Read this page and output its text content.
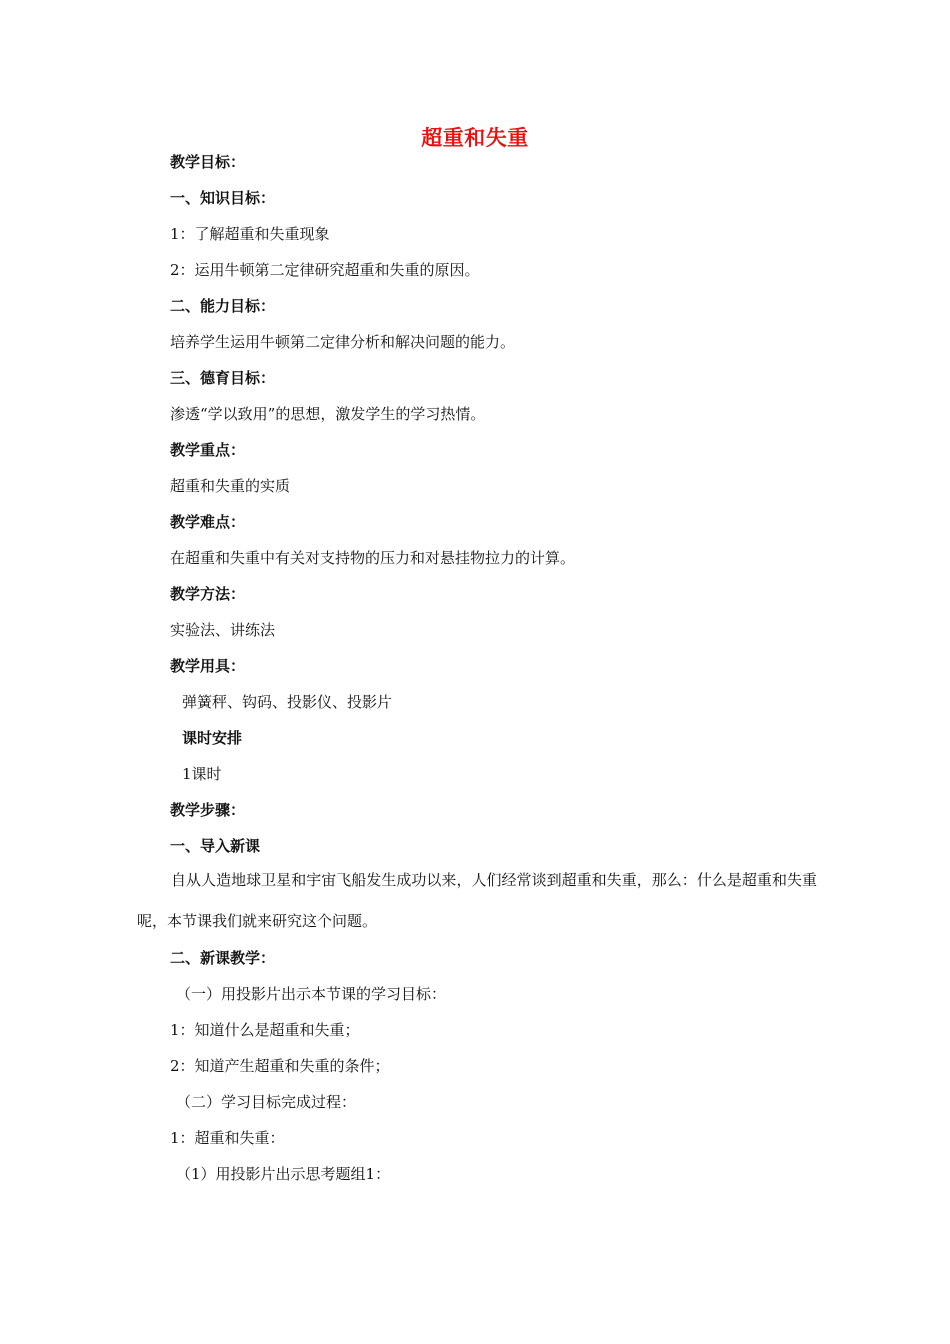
超重和失重
教学目标：
一、知识目标：
1：了解超重和失重现象
2：运用牛顿第二定律研究超重和失重的原因。
二、能力目标：
培养学生运用牛顿第二定律分析和解决问题的能力。
三、德育目标：
渗透“学以致用”的思想，激发学生的学习热情。
教学重点：
超重和失重的实质
教学难点：
在超重和失重中有关对支持物的压力和对悬挂物拉力的计算。
教学方法：
实验法、讲练法
教学用具：
弹簧秤、钩码、投影仪、投影片
课时安排
1课时
教学步骤：
一、导入新课
自从人造地球卫星和宇宙飞船发生成功以来，人们经常谈到超重和失重，那么：什么是超重和失重呢，本节课我们就来研究这个问题。
二、新课教学：
（一）用投影片出示本节课的学习目标：
1：知道什么是超重和失重；
2：知道产生超重和失重的条件；
（二）学习目标完成过程：
1：超重和失重：
（1）用投影片出示思考题组1：
